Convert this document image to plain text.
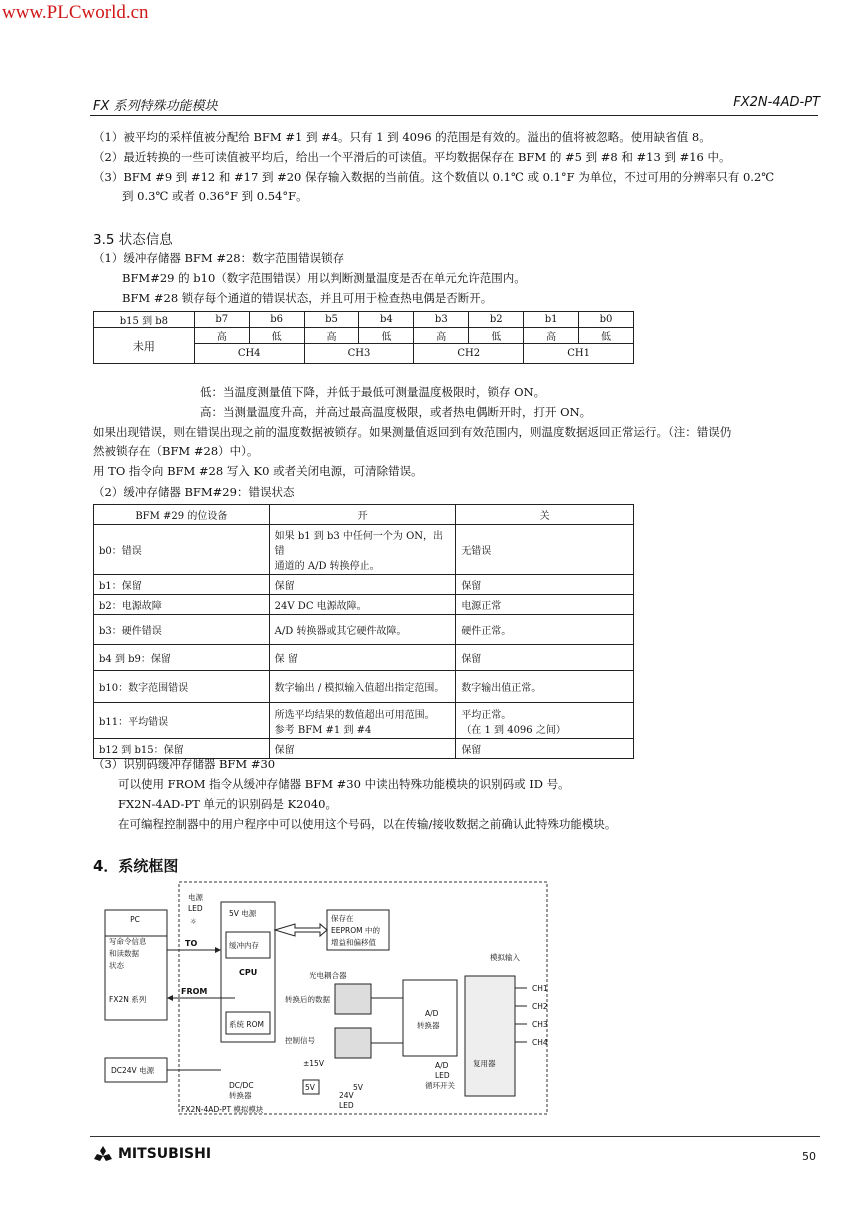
www.PLCworld.cn
FX 系列特殊功能模块	FX2N-4AD-PT
（1）被平均的采样值被分配给 BFM #1 到 #4。只有 1 到 4096 的范围是有效的。溢出的值将被忽略。使用缺省值 8。
（2）最近转换的一些可读值被平均后，给出一个平滑后的可读值。平均数据保存在 BFM 的 #5 到 #8 和 #13 到 #16 中。
（3）BFM #9 到 #12 和 #17 到 #20 保存输入数据的当前值。这个数值以 0.1℃ 或 0.1°F 为单位，不过可用的分辨率只有 0.2℃
到 0.3℃ 或者 0.36°F 到 0.54°F。
3.5 状态信息
（1）缓冲存储器 BFM #28：数字范围错误锁存
BFM#29 的 b10（数字范围错误）用以判断测量温度是否在单元允许范围内。
BFM #28 锁存每个通道的错误状态，并且可用于检查热电偶是否断开。
b15 到 b8	b7	b6	b5	b4	b3	b2	b1	b0
未用	高	低	高	低	高	低	高	低
	CH4		CH3		CH2		CH1	
低：当温度测量值下降，并低于最低可测量温度极限时，锁存 ON。
高：当测量温度升高，并高过最高温度极限，或者热电偶断开时，打开 ON。
如果出现错误，则在错误出现之前的温度数据被锁存。如果测量值返回到有效范围内，则温度数据返回正常运行。（注：错误仍
然被锁存在（BFM #28）中）。
用 TO 指令向 BFM #28 写入 K0 或者关闭电源，可清除错误。
（2）缓冲存储器 BFM#29：错误状态
BFM #29 的位设备	开	关
b0：错误	如果 b1 到 b3 中任何一个为 ON，出错
通道的 A/D 转换停止。	无错误
b1：保留	保留	保留
b2：电源故障	24V DC 电源故障。	电源正常
b3：硬件错误	A/D 转换器或其它硬件故障。	硬件正常。
b4 到 b9：保留	保 留	保留
b10：数字范围错误	数字输出 / 模拟输入值超出指定范围。	数字输出值正常。
b11：平均错误	所选平均结果的数值超出可用范围。
参考 BFM #1 到 #4	平均正常。
（在 1 到 4096 之间）
b12 到 b15：保留	保留	保留
（3）识别码缓冲存储器 BFM #30
可以使用 FROM 指令从缓冲存储器 BFM #30 中读出特殊功能模块的识别码或 ID 号。
FX2N-4AD-PT 单元的识别码是 K2040。
在可编程控制器中的用户程序中可以使用这个号码，以在传输/接收数据之前确认此特殊功能模块。
4．系统框图
PC
写命令信息
和读数据
状态
FX2N 系列
TO
FROM
电源
LED
☼
5V 电源
缓冲内存
CPU
系统 ROM
保存在
EEPROM 中的
增益和偏移值
光电耦合器
转换后的数据
控制信号
A/D
转换器
复用器
模拟输入
CH1
CH2
CH3
CH4
A/D
LED
循环开关
±15V
DC/DC
转换器
5V	5V
24V
LED
DC24V 电源
FX2N-4AD-PT 模拟模块
MITSUBISHI	50
